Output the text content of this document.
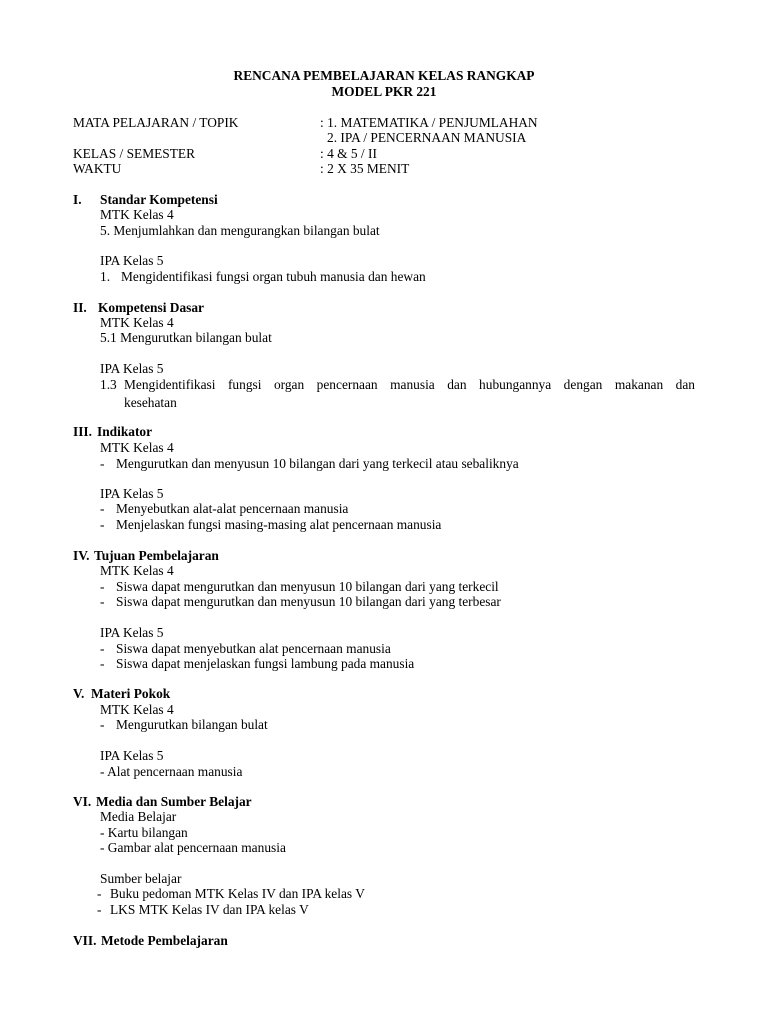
RENCANA PEMBELAJARAN KELAS RANGKAP
MODEL PKR 221
MATA PELAJARAN / TOPIK	: 1. MATEMATIKA / PENJUMLAHAN
2. IPA / PENCERNAAN MANUSIA
KELAS / SEMESTER	: 4 & 5 / II
WAKTU	: 2 X 35 MENIT
I. Standar Kompetensi
MTK Kelas 4
5. Menjumlahkan dan mengurangkan bilangan bulat
IPA Kelas 5
1. Mengidentifikasi fungsi organ tubuh manusia dan hewan
II. Kompetensi Dasar
MTK Kelas 4
5.1 Mengurutkan bilangan bulat
IPA Kelas 5
1.3 Mengidentifikasi fungsi organ pencernaan manusia dan hubungannya dengan makanan dan
kesehatan
III. Indikator
MTK Kelas 4
- Mengurutkan dan menyusun 10 bilangan dari yang terkecil atau sebaliknya
IPA Kelas 5
- Menyebutkan alat-alat pencernaan manusia
- Menjelaskan fungsi masing-masing alat pencernaan manusia
IV. Tujuan Pembelajaran
MTK Kelas 4
- Siswa dapat mengurutkan dan menyusun 10 bilangan dari yang terkecil
- Siswa dapat mengurutkan dan menyusun 10 bilangan dari yang terbesar
IPA Kelas 5
- Siswa dapat menyebutkan alat pencernaan manusia
- Siswa dapat menjelaskan fungsi lambung pada manusia
V. Materi Pokok
MTK Kelas 4
- Mengurutkan bilangan bulat
IPA Kelas 5
- Alat pencernaan manusia
VI. Media dan Sumber Belajar
Media Belajar
- Kartu bilangan
- Gambar alat pencernaan manusia
Sumber belajar
- Buku pedoman MTK Kelas IV dan IPA kelas V
- LKS MTK Kelas IV dan IPA kelas V
VII. Metode Pembelajaran
